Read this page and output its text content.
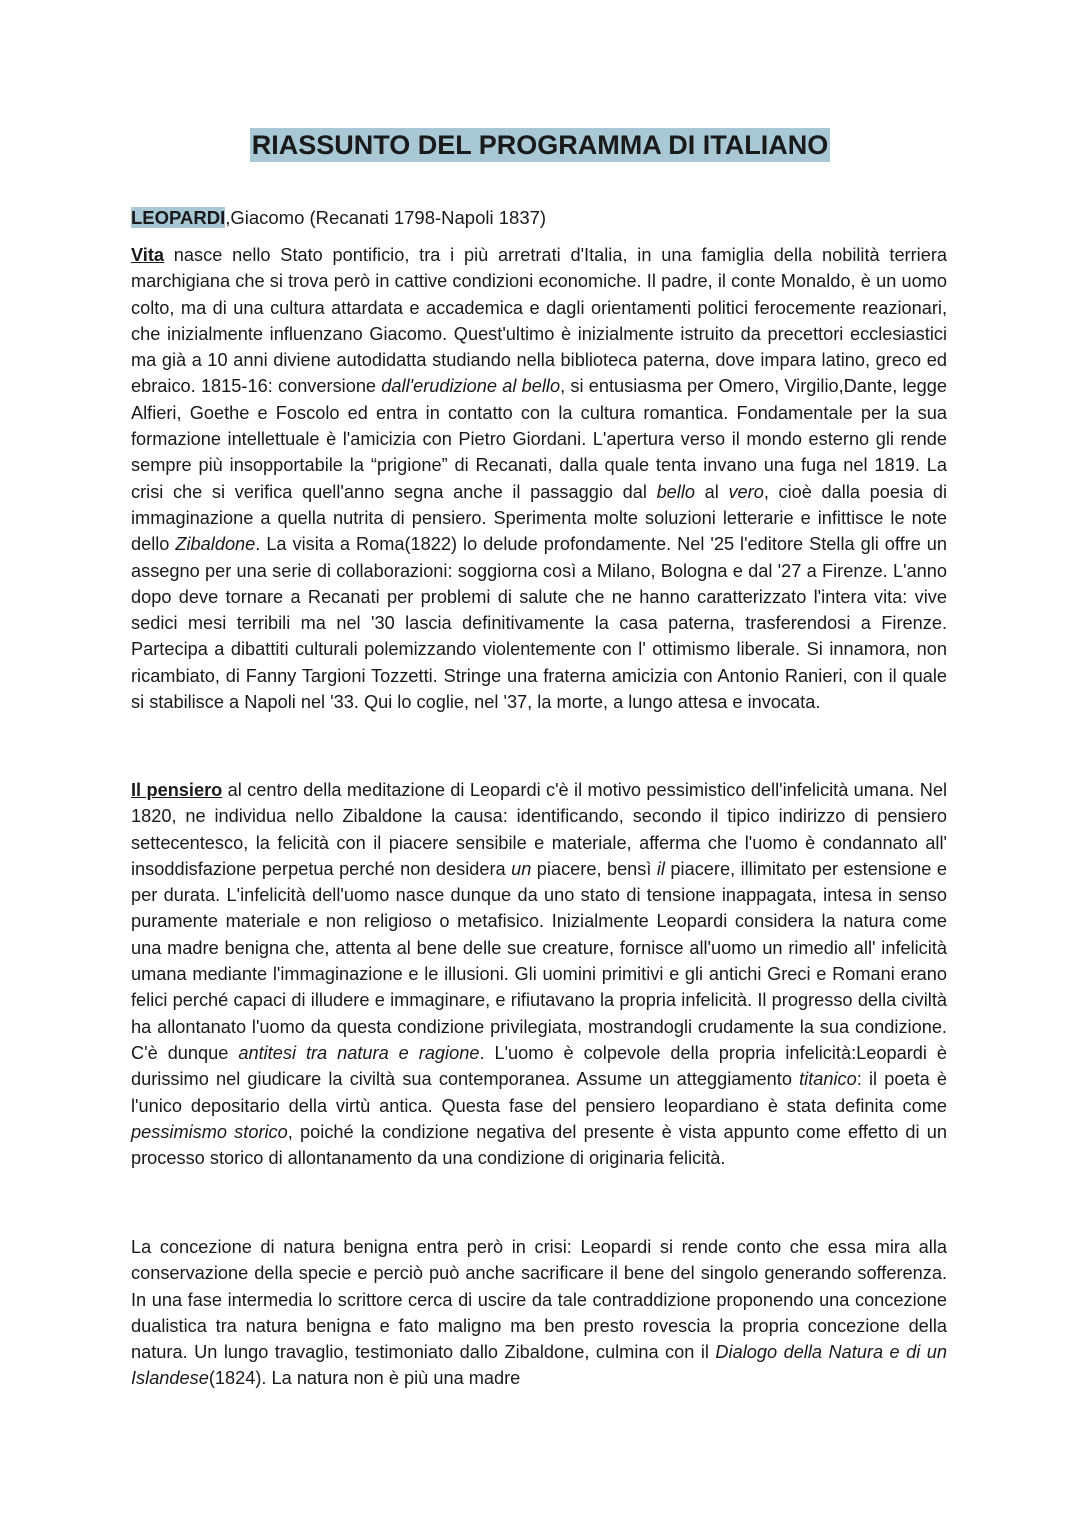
RIASSUNTO DEL PROGRAMMA DI ITALIANO
LEOPARDI,Giacomo (Recanati 1798-Napoli 1837)

Vita nasce nello Stato pontificio, tra i più arretrati d'Italia, in una famiglia della nobilità terriera marchigiana che si trova però in cattive condizioni economiche. Il padre, il conte Monaldo, è un uomo colto, ma di una cultura attardata e accademica e dagli orientamenti politici ferocemente reazionari, che inizialmente influenzano Giacomo. Quest'ultimo è inizialmente istruito da precettori ecclesiastici ma già a 10 anni diviene autodidatta studiando nella biblioteca paterna, dove impara latino, greco ed ebraico. 1815-16: conversione dall'erudizione al bello, si entusiasma per Omero, Virgilio,Dante, legge Alfieri, Goethe e Foscolo ed entra in contatto con la cultura romantica. Fondamentale per la sua formazione intellettuale è l'amicizia con Pietro Giordani. L'apertura verso il mondo esterno gli rende sempre più insopportabile la “prigione” di Recanati, dalla quale tenta invano una fuga nel 1819. La crisi che si verifica quell'anno segna anche il passaggio dal bello al vero, cioè dalla poesia di immaginazione a quella nutrita di pensiero. Sperimenta molte soluzioni letterarie e infittisce le note dello Zibaldone. La visita a Roma(1822) lo delude profondamente. Nel '25 l'editore Stella gli offre un assegno per una serie di collaborazioni: soggiorna così a Milano, Bologna e dal '27 a Firenze. L'anno dopo deve tornare a Recanati per problemi di salute che ne hanno caratterizzato l'intera vita: vive sedici mesi terribili ma nel '30 lascia definitivamente la casa paterna, trasferendosi a Firenze. Partecipa a dibattiti culturali polemizzando violentemente con l' ottimismo liberale. Si innamora, non ricambiato, di Fanny Targioni Tozzetti. Stringe una fraterna amicizia con Antonio Ranieri, con il quale si stabilisce a Napoli nel '33. Qui lo coglie, nel '37, la morte, a lungo attesa e invocata.

Il pensiero al centro della meditazione di Leopardi c'è il motivo pessimistico dell'infelicità umana. Nel 1820, ne individua nello Zibaldone la causa: identificando, secondo il tipico indirizzo di pensiero settecentesco, la felicità con il piacere sensibile e materiale, afferma che l'uomo è condannato all' insoddisfazione perpetua perché non desidera un piacere, bensì il piacere, illimitato per estensione e per durata. L'infelicità dell'uomo nasce dunque da uno stato di tensione inappagata, intesa in senso puramente materiale e non religioso o metafisico. Inizialmente Leopardi considera la natura come una madre benigna che, attenta al bene delle sue creature, fornisce all'uomo un rimedio all' infelicità umana mediante l'immaginazione e le illusioni. Gli uomini primitivi e gli antichi Greci e Romani erano felici perché capaci di illudere e immaginare, e rifiutavano la propria infelicità. Il progresso della civiltà ha allontanato l'uomo da questa condizione privilegiata, mostrandogli crudamente la sua condizione. C'è dunque antitesi tra natura e ragione. L'uomo è colpevole della propria infelicità:Leopardi è durissimo nel giudicare la civiltà sua contemporanea. Assume un atteggiamento titanico: il poeta è l'unico depositario della virtù antica. Questa fase del pensiero leopardiano è stata definita come pessimismo storico, poiché la condizione negativa del presente è vista appunto come effetto di un processo storico di allontanamento da una condizione di originaria felicità.

La concezione di natura benigna entra però in crisi: Leopardi si rende conto che essa mira alla conservazione della specie e perciò può anche sacrificare il bene del singolo generando sofferenza. In una fase intermedia lo scrittore cerca di uscire da tale contraddizione proponendo una concezione dualistica tra natura benigna e fato maligno ma ben presto rovescia la propria concezione della natura. Un lungo travaglio, testimoniato dallo Zibaldone, culmina con il Dialogo della Natura e di un Islandese(1824). La natura non è più una madre
